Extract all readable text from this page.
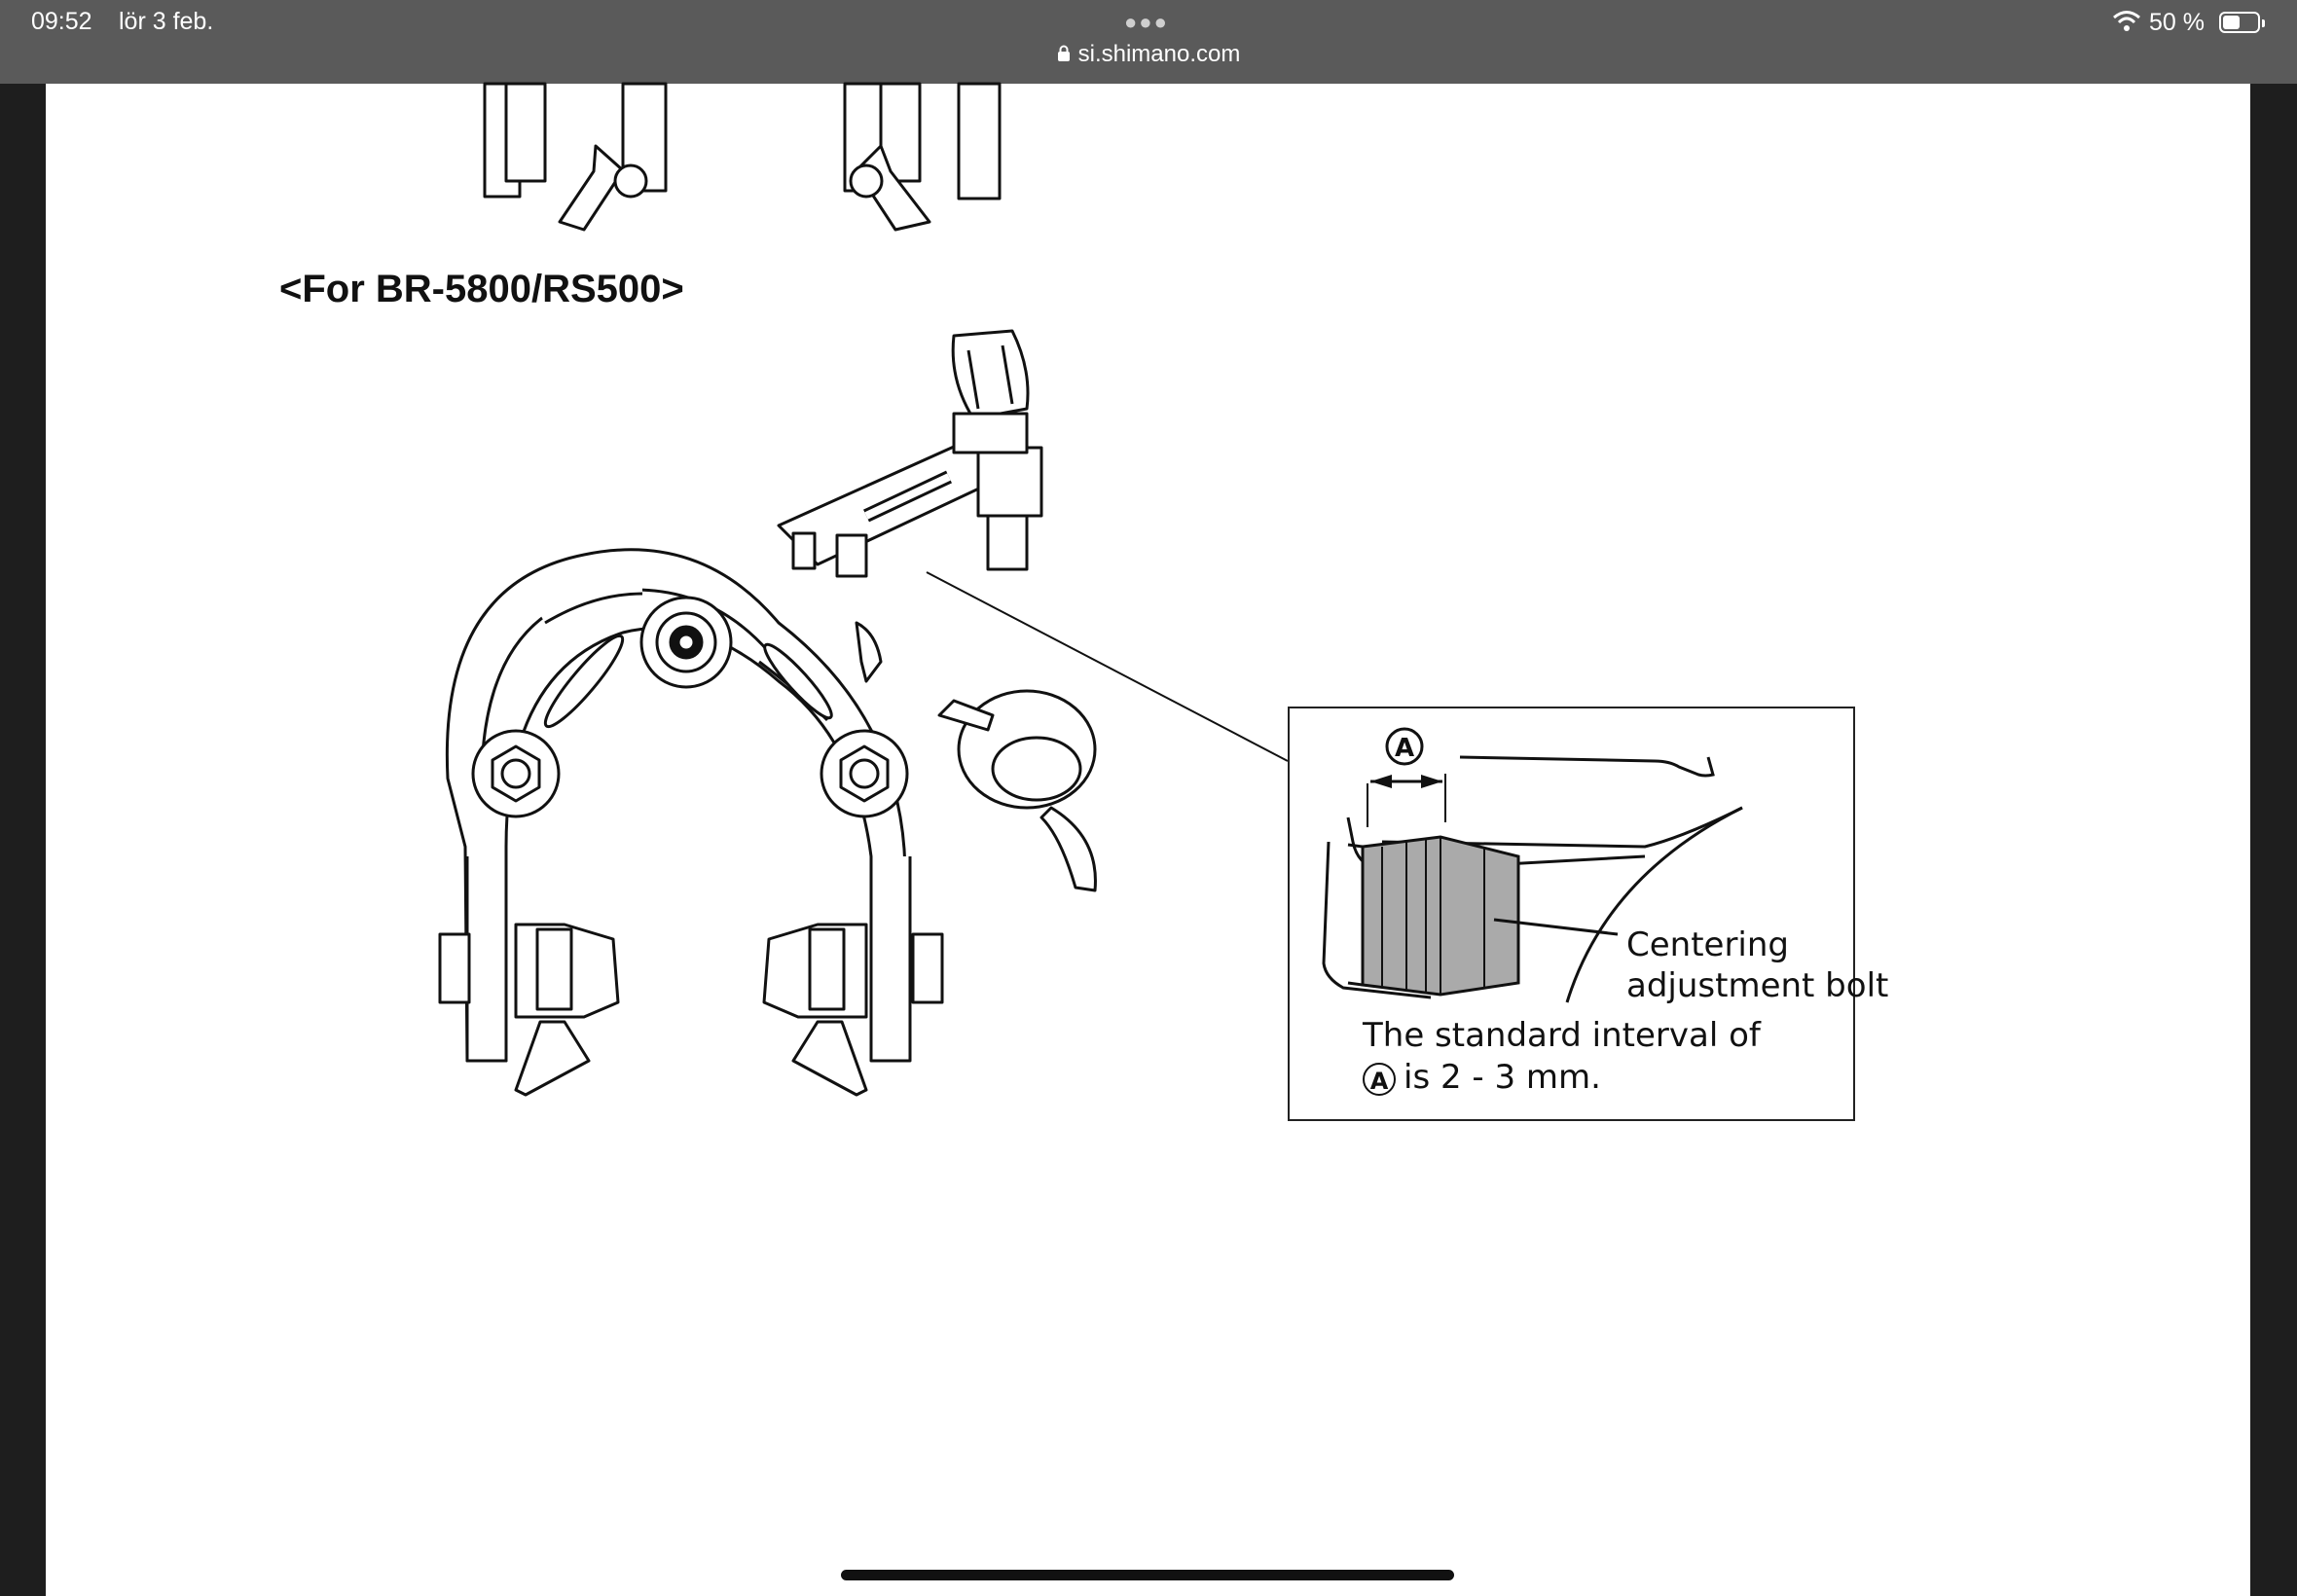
09:52 lör 3 feb.	●●●
si.shimano.com
50 %
A
<For BR-5800/RS500>
Centering
adjustment bolt
The standard interval of
A is 2 - 3 mm.
